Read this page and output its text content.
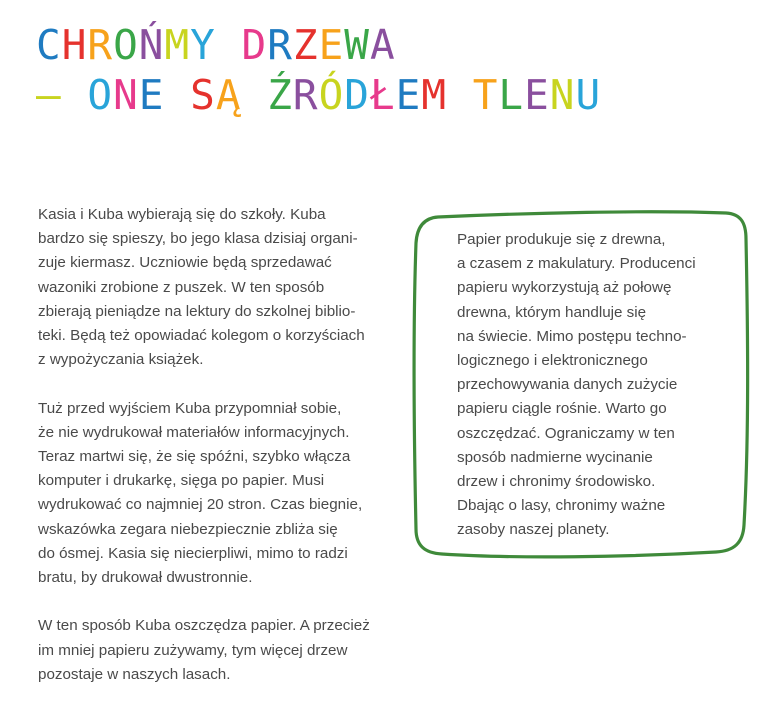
CHROŃMY DRZEWA
– ONE SĄ ŹRÓDŁEM TLENU

Kasia i Kuba wybierają się do szkoły. Kuba
bardzo się spieszy, bo jego klasa dzisiaj organi-
zuje kiermasz. Uczniowie będą sprzedawać
wazoniki zrobione z puszek. W ten sposób
zbierają pieniądze na lektury do szkolnej biblio-
teki. Będą też opowiadać kolegom o korzyściach
z wypożyczania książek.

Tuż przed wyjściem Kuba przypomniał sobie,
że nie wydrukował materiałów informacyjnych.
Teraz martwi się, że się spóźni, szybko włącza
komputer i drukarkę, sięga po papier. Musi
wydrukować co najmniej 20 stron. Czas biegnie,
wskazówka zegara niebezpiecznie zbliża się
do ósmej. Kasia się niecierpliwi, mimo to radzi
bratu, by drukował dwustronnie.

W ten sposób Kuba oszczędza papier. A przecież
im mniej papieru zużywamy, tym więcej drzew
pozostaje w naszych lasach.

Papier produkuje się z drewna,
a czasem z makulatury. Producenci
papieru wykorzystują aż połowę
drewna, którym handluje się
na świecie. Mimo postępu techno-
logicznego i elektronicznego
przechowywania danych zużycie
papieru ciągle rośnie. Warto go
oszczędzać. Ograniczamy w ten
sposób nadmierne wycinanie
drzew i chronimy środowisko.
Dbając o lasy, chronimy ważne
zasoby naszej planety.
